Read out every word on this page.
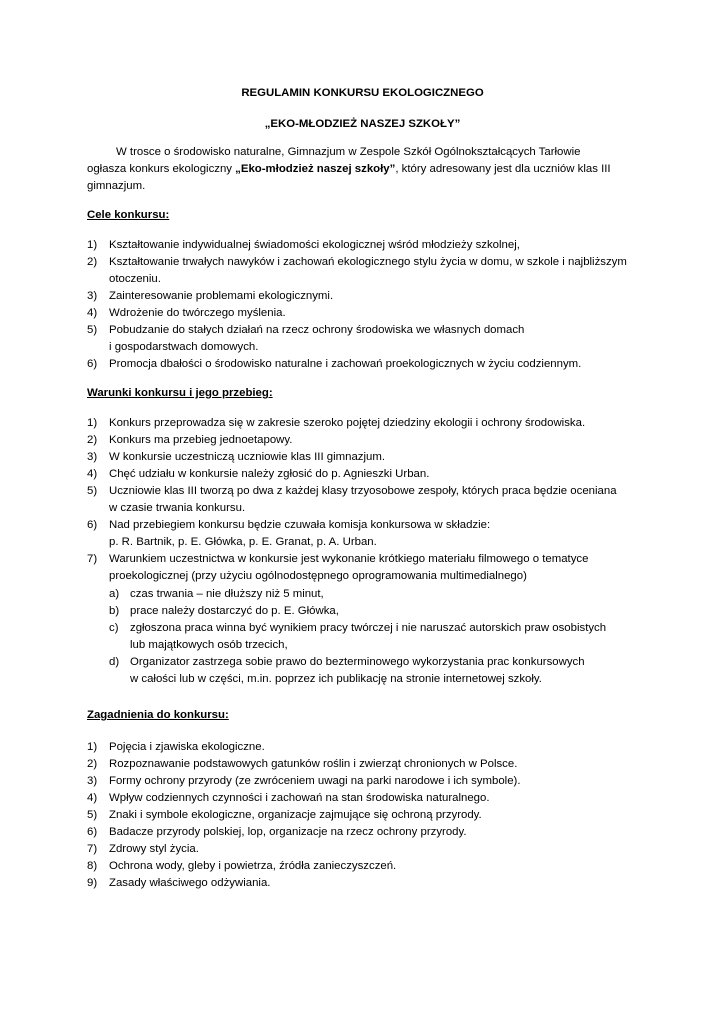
REGULAMIN KONKURSU EKOLOGICZNEGO
„EKO-MŁODZIEŻ NASZEJ SZKOŁY”
W trosce o środowisko naturalne, Gimnazjum w Zespole Szkół Ogólnokształcących Tarłowie
ogłasza konkurs ekologiczny „Eko-młodzież naszej szkoły”, który adresowany jest dla uczniów klas III
gimnazjum.
Cele konkursu:
1) Kształtowanie indywidualnej świadomości ekologicznej wśród młodzieży szkolnej,
2) Kształtowanie trwałych nawyków i zachowań ekologicznego stylu życia w domu, w szkole i najbliższym
otoczeniu.
3) Zainteresowanie problemami ekologicznymi.
4) Wdrożenie do twórczego myślenia.
5) Pobudzanie do stałych działań na rzecz ochrony środowiska we własnych domach
i gospodarstwach domowych.
6) Promocja dbałości o środowisko naturalne i zachowań proekologicznych w życiu codziennym.
Warunki konkursu i jego przebieg:
1) Konkurs przeprowadza się w zakresie szeroko pojętej dziedziny ekologii i ochrony środowiska.
2) Konkurs ma przebieg jednoetapowy.
3) W konkursie uczestniczą uczniowie klas III gimnazjum.
4) Chęć udziału w konkursie należy zgłosić do p. Agnieszki Urban.
5) Uczniowie klas III tworzą po dwa z każdej klasy trzyosobowe zespoły, których praca będzie oceniana
w czasie trwania konkursu.
6) Nad przebiegiem konkursu będzie czuwała komisja konkursowa w składzie:
p. R. Bartnik, p. E. Główka, p. E. Granat, p. A. Urban.
7) Warunkiem uczestnictwa w konkursie jest wykonanie krótkiego materiału filmowego o tematyce
proekologicznej (przy użyciu ogólnodostępnego oprogramowania multimedialnego)
a) czas trwania – nie dłuższy niż 5 minut,
b) prace należy dostarczyć do p. E. Główka,
c) zgłoszona praca winna być wynikiem pracy twórczej i nie naruszać autorskich praw osobistych
lub majątkowych osób trzecich,
d) Organizator zastrzega sobie prawo do bezterminowego wykorzystania prac konkursowych
w całości lub w części, m.in. poprzez ich publikację na stronie internetowej szkoły.
Zagadnienia do konkursu:
1) Pojęcia i zjawiska ekologiczne.
2) Rozpoznawanie podstawowych gatunków roślin i zwierząt chronionych w Polsce.
3) Formy ochrony przyrody (ze zwróceniem uwagi na parki narodowe i ich symbole).
4) Wpływ codziennych czynności i zachowań na stan środowiska naturalnego.
5) Znaki i symbole ekologiczne, organizacje zajmujące się ochroną przyrody.
6) Badacze przyrody polskiej, lop, organizacje na rzecz ochrony przyrody.
7) Zdrowy styl życia.
8) Ochrona wody, gleby i powietrza, źródła zanieczyszczeń.
9) Zasady właściwego odżywiania.
